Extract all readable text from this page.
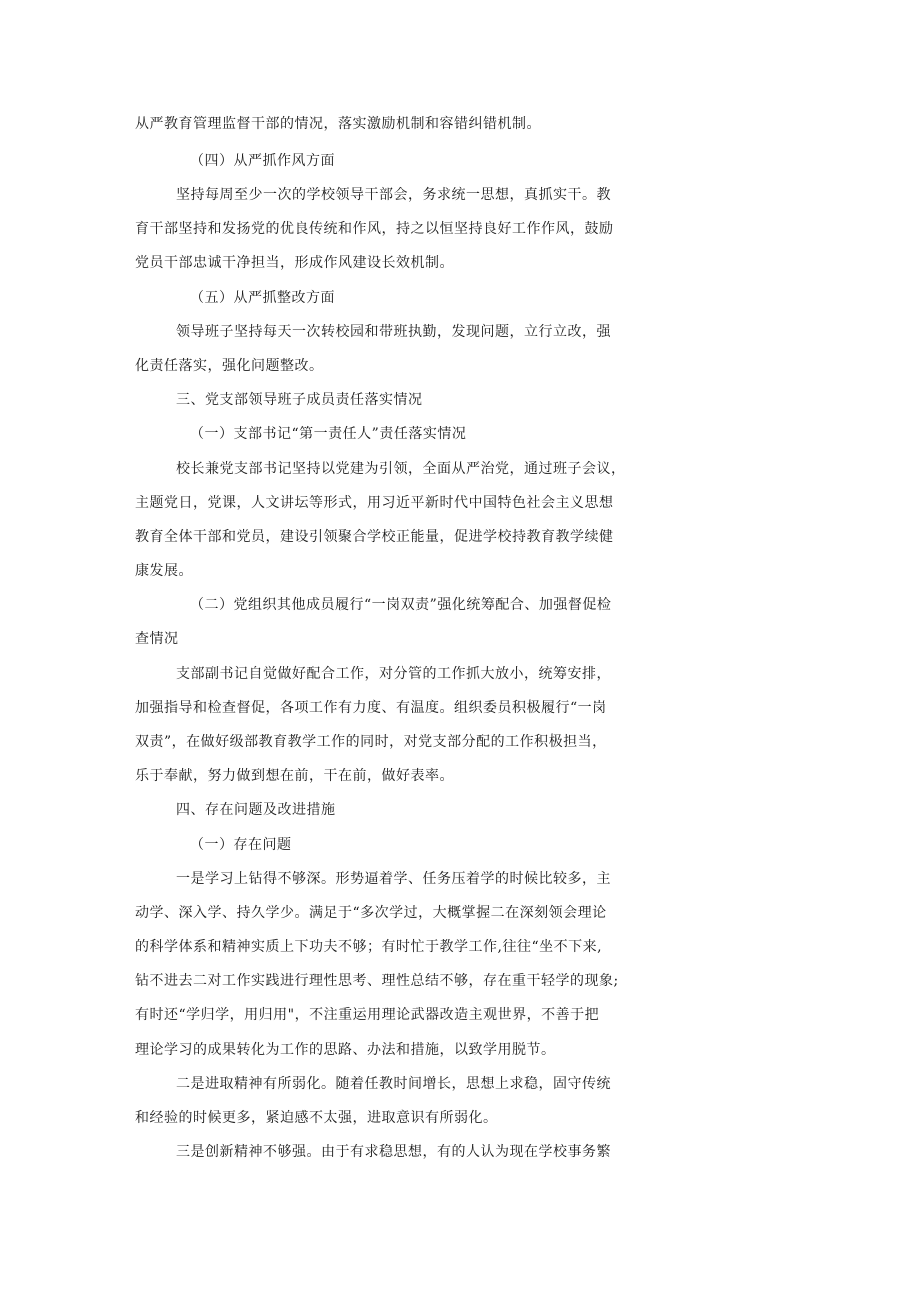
从严教育管理监督干部的情况，落实激励机制和容错纠错机制。
（四）从严抓作风方面
坚持每周至少一次的学校领导干部会，务求统一思想，真抓实干。教
育干部坚持和发扬党的优良传统和作风，持之以恒坚持良好工作作风，鼓励
党员干部忠诚干净担当，形成作风建设长效机制。
（五）从严抓整改方面
领导班子坚持每天一次转校园和带班执勤，发现问题，立行立改，强
化责任落实，强化问题整改。
三、党支部领导班子成员责任落实情况
（一）支部书记“第一责任人”责任落实情况
校长兼党支部书记坚持以党建为引领，全面从严治党，通过班子会议，
主题党日，党课，人文讲坛等形式，用习近平新时代中国特色社会主义思想
教育全体干部和党员，建设引领聚合学校正能量，促进学校持教育教学续健
康发展。
（二）党组织其他成员履行“一岗双责”强化统筹配合、加强督促检
查情况
支部副书记自觉做好配合工作，对分管的工作抓大放小，统筹安排，
加强指导和检查督促，各项工作有力度、有温度。组织委员积极履行“一岗
双责”，在做好级部教育教学工作的同时，对党支部分配的工作积极担当，
乐于奉献，努力做到想在前，干在前，做好表率。
四、存在问题及改进措施
（一）存在问题
一是学习上钻得不够深。形势逼着学、任务压着学的时候比较多，主
动学、深入学、持久学少。满足于“多次学过，大概掌握二在深刻领会理论
的科学体系和精神实质上下功夫不够；有时忙于教学工作,往往“坐不下来,
钻不进去二对工作实践进行理性思考、理性总结不够，存在重干轻学的现象;
有时还“学归学，用归用"，不注重运用理论武器改造主观世界，不善于把
理论学习的成果转化为工作的思路、办法和措施，以致学用脱节。
二是进取精神有所弱化。随着任教时间增长，思想上求稳，固守传统
和经验的时候更多，紧迫感不太强，进取意识有所弱化。
三是创新精神不够强。由于有求稳思想，有的人认为现在学校事务繁
